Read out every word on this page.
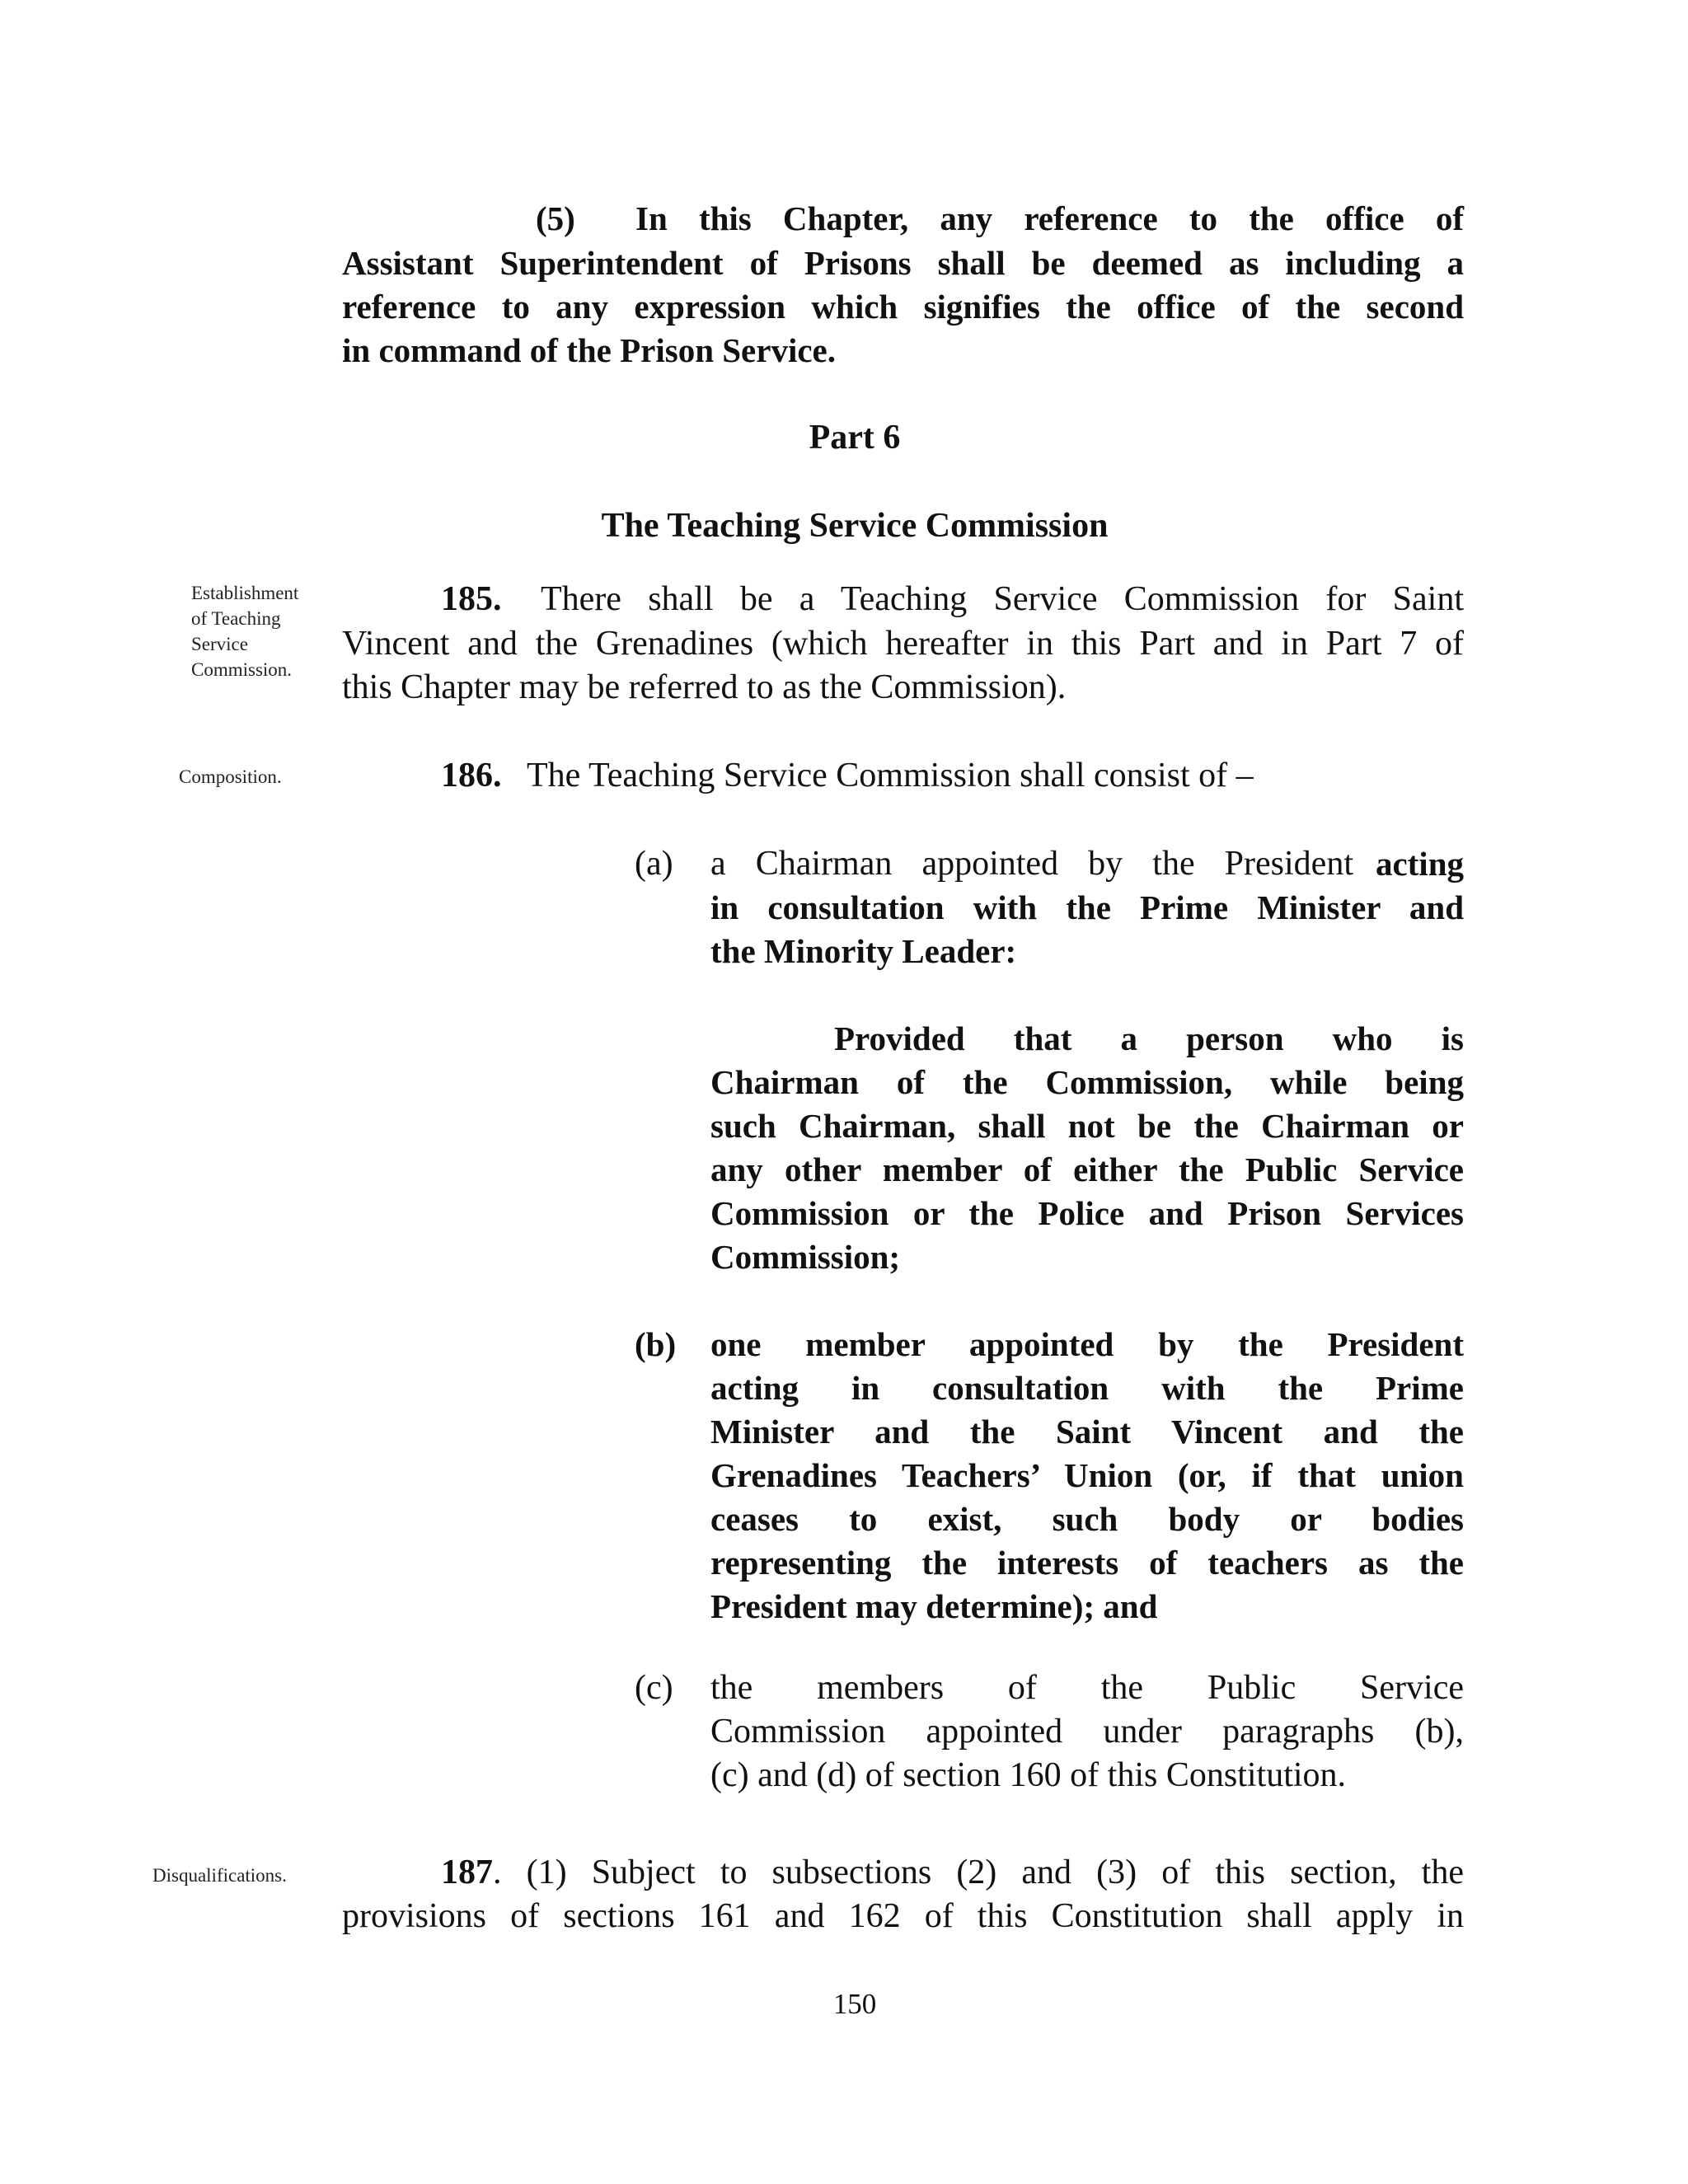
(5) In this Chapter, any reference to the office of
Assistant Superintendent of Prisons shall be deemed as including a
reference to any expression which signifies the office of the second
in command of the Prison Service.
Part 6
The Teaching Service Commission
Establishment
of Teaching
Service
Commission.
185. There shall be a Teaching Service Commission for Saint
Vincent and the Grenadines (which hereafter in this Part and in Part 7 of
this Chapter may be referred to as the Commission).
Composition.	186. The Teaching Service Commission shall consist of –
(a) a Chairman appointed by the President acting
in consultation with the Prime Minister and
the Minority Leader:
Provided that a person who is
Chairman of the Commission, while being
such Chairman, shall not be the Chairman or
any other member of either the Public Service
Commission or the Police and Prison Services
Commission;
(b) one member appointed by the President
acting in consultation with the Prime
Minister and the Saint Vincent and the
Grenadines Teachers’ Union (or, if that union
ceases to exist, such body or bodies
representing the interests of teachers as the
President may determine); and
(c) the members of the Public Service
Commission appointed under paragraphs (b),
(c) and (d) of section 160 of this Constitution.
Disqualifications.	187 . (1) Subject to subsections (2) and (3) of this section, the
provisions of sections 161 and 162 of this Constitution shall apply in
150
